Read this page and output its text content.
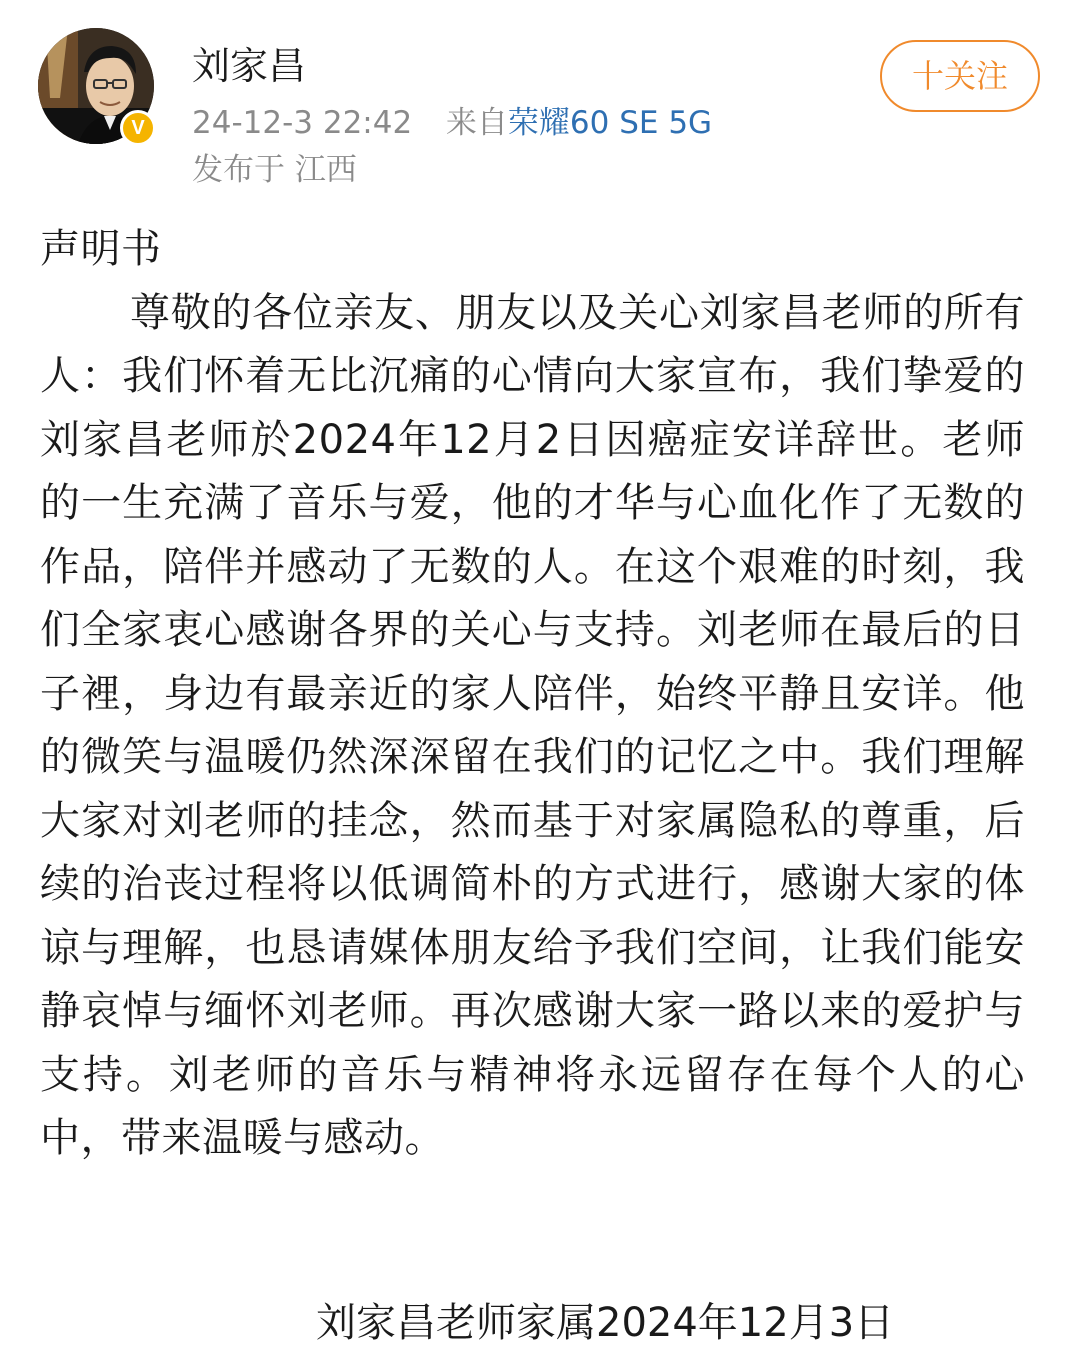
V
刘家昌
24-12-3 22:42 来自荣耀60 SE 5G
发布于 江西
十关注
声明书
尊敬的各位亲友、朋友以及关心刘家昌老师的所有人：我们怀着无比沉痛的心情向大家宣布，我们挚爱的刘家昌老师於2024年12月2日因癌症安详辞世。老师的一生充满了音乐与爱，他的才华与心血化作了无数的作品，陪伴并感动了无数的人。在这个艰难的时刻，我们全家衷心感谢各界的关心与支持。刘老师在最后的日子裡，身边有最亲近的家人陪伴，始终平静且安详。他的微笑与温暖仍然深深留在我们的记忆之中。我们理解大家对刘老师的挂念，然而基于对家属隐私的尊重，后续的治丧过程将以低调简朴的方式进行，感谢大家的体谅与理解，也恳请媒体朋友给予我们空间，让我们能安静哀悼与缅怀刘老师。再次感谢大家一路以来的爱护与支持。刘老师的音乐与精神将永远留存在每个人的心中，带来温暖与感动。
刘家昌老师家属2024年12月3日
